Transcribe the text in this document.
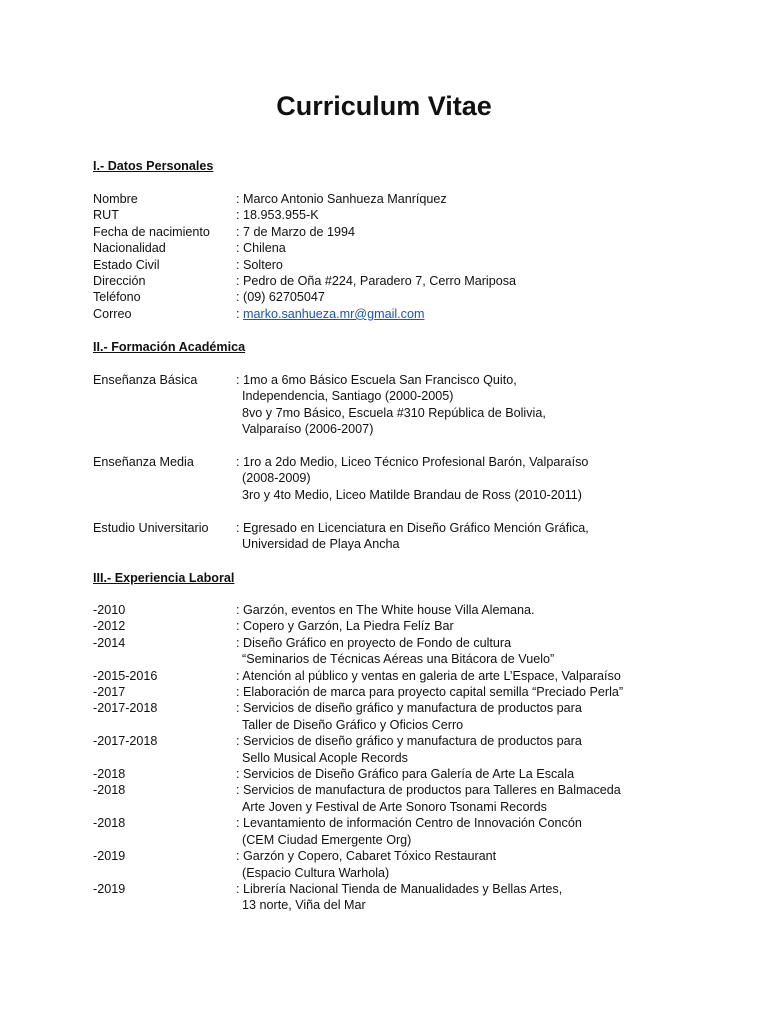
Curriculum Vitae
I.- Datos Personales
Nombre	: Marco Antonio Sanhueza Manríquez
RUT	: 18.953.955-K
Fecha de nacimiento	: 7 de Marzo de 1994
Nacionalidad	: Chilena
Estado Civil	: Soltero
Dirección	: Pedro de Oña #224, Paradero 7, Cerro Mariposa
Teléfono	: (09) 62705047
Correo	: marko.sanhueza.mr@gmail.com
II.- Formación Académica
Enseñanza Básica	: 1mo a 6mo Básico Escuela San Francisco Quito,
Independencia, Santiago (2000-2005)
8vo y 7mo Básico, Escuela #310 República de Bolivia,
Valparaíso (2006-2007)
Enseñanza Media	: 1ro a 2do Medio, Liceo Técnico Profesional Barón, Valparaíso
(2008-2009)
3ro y 4to Medio, Liceo Matilde Brandau de Ross (2010-2011)
Estudio Universitario	: Egresado en Licenciatura en Diseño Gráfico Mención Gráfica,
Universidad de Playa Ancha
III.- Experiencia Laboral
-2010	: Garzón, eventos en The White house Villa Alemana.
-2012	: Copero y Garzón, La Piedra Felíz Bar
-2014	: Diseño Gráfico en proyecto de Fondo de cultura
“Seminarios de Técnicas Aéreas una Bitácora de Vuelo”
-2015-2016	: Atención al público y ventas en galeria de arte L’Espace, Valparaíso
-2017	: Elaboración de marca para proyecto capital semilla “Preciado Perla”
-2017-2018	: Servicios de diseño gráfico y manufactura de productos para
Taller de Diseño Gráfico y Oficios Cerro
-2017-2018	: Servicios de diseño gráfico y manufactura de productos para
Sello Musical Acople Records
-2018	: Servicios de Diseño Gráfico para Galería de Arte La Escala
-2018	: Servicios de manufactura de productos para Talleres en Balmaceda
Arte Joven y Festival de Arte Sonoro Tsonami Records
-2018	: Levantamiento de información Centro de Innovación Concón
(CEM Ciudad Emergente Org)
-2019	: Garzón y Copero, Cabaret Tóxico Restaurant
(Espacio Cultura Warhola)
-2019	: Librería Nacional Tienda de Manualidades y Bellas Artes,
13 norte, Viña del Mar
